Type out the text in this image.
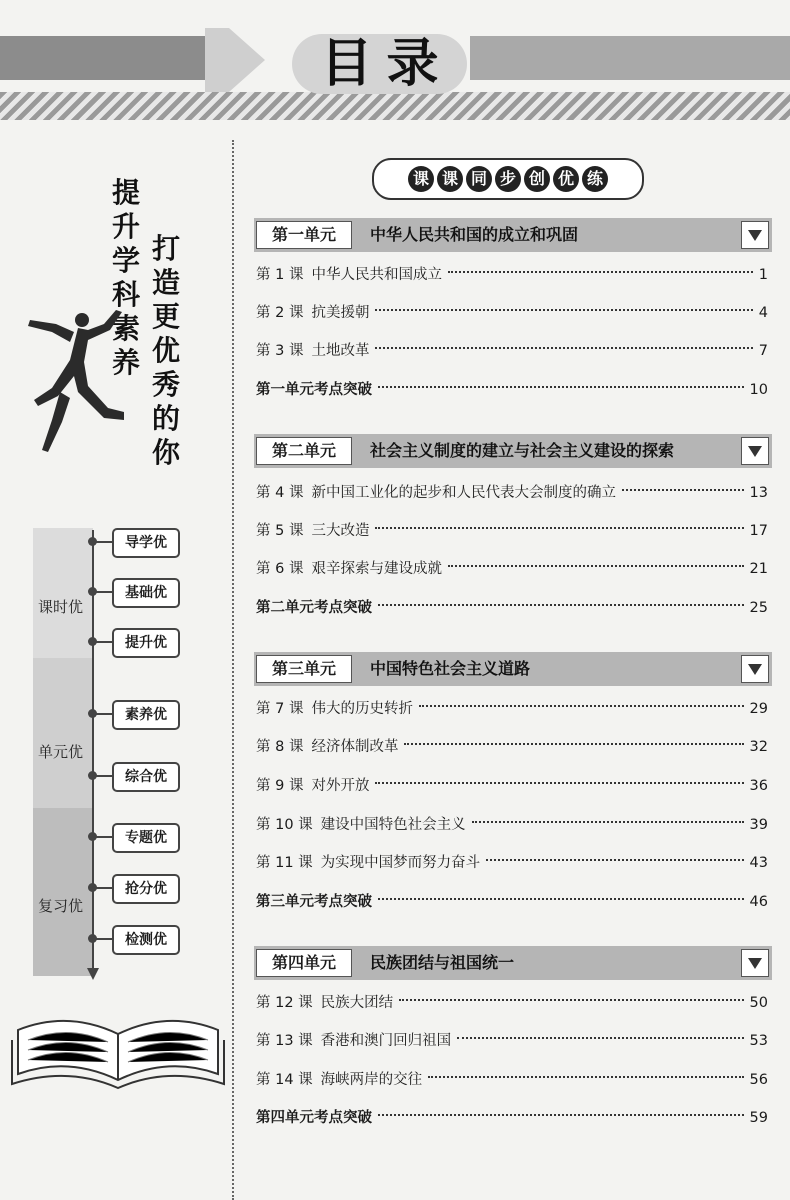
目录
提升学科素养
打造更优秀的你
课时优
单元优
复习优
导学优
基础优
提升优
素养优
综合优
专题优
抢分优
检测优
课 课 同 步 创 优 练
第一单元	中华人民共和国的成立和巩固
第 1 课 中华人民共和国成立	1
第 2 课 抗美援朝	4
第 3 课 土地改革	7
第一单元考点突破	10
第二单元	社会主义制度的建立与社会主义建设的探索
第 4 课 新中国工业化的起步和人民代表大会制度的确立	13
第 5 课 三大改造	17
第 6 课 艰辛探索与建设成就	21
第二单元考点突破	25
第三单元	中国特色社会主义道路
第 7 课 伟大的历史转折	29
第 8 课 经济体制改革	32
第 9 课 对外开放	36
第 10 课 建设中国特色社会主义	39
第 11 课 为实现中国梦而努力奋斗	43
第三单元考点突破	46
第四单元	民族团结与祖国统一
第 12 课 民族大团结	50
第 13 课 香港和澳门回归祖国	53
第 14 课 海峡两岸的交往	56
第四单元考点突破	59
